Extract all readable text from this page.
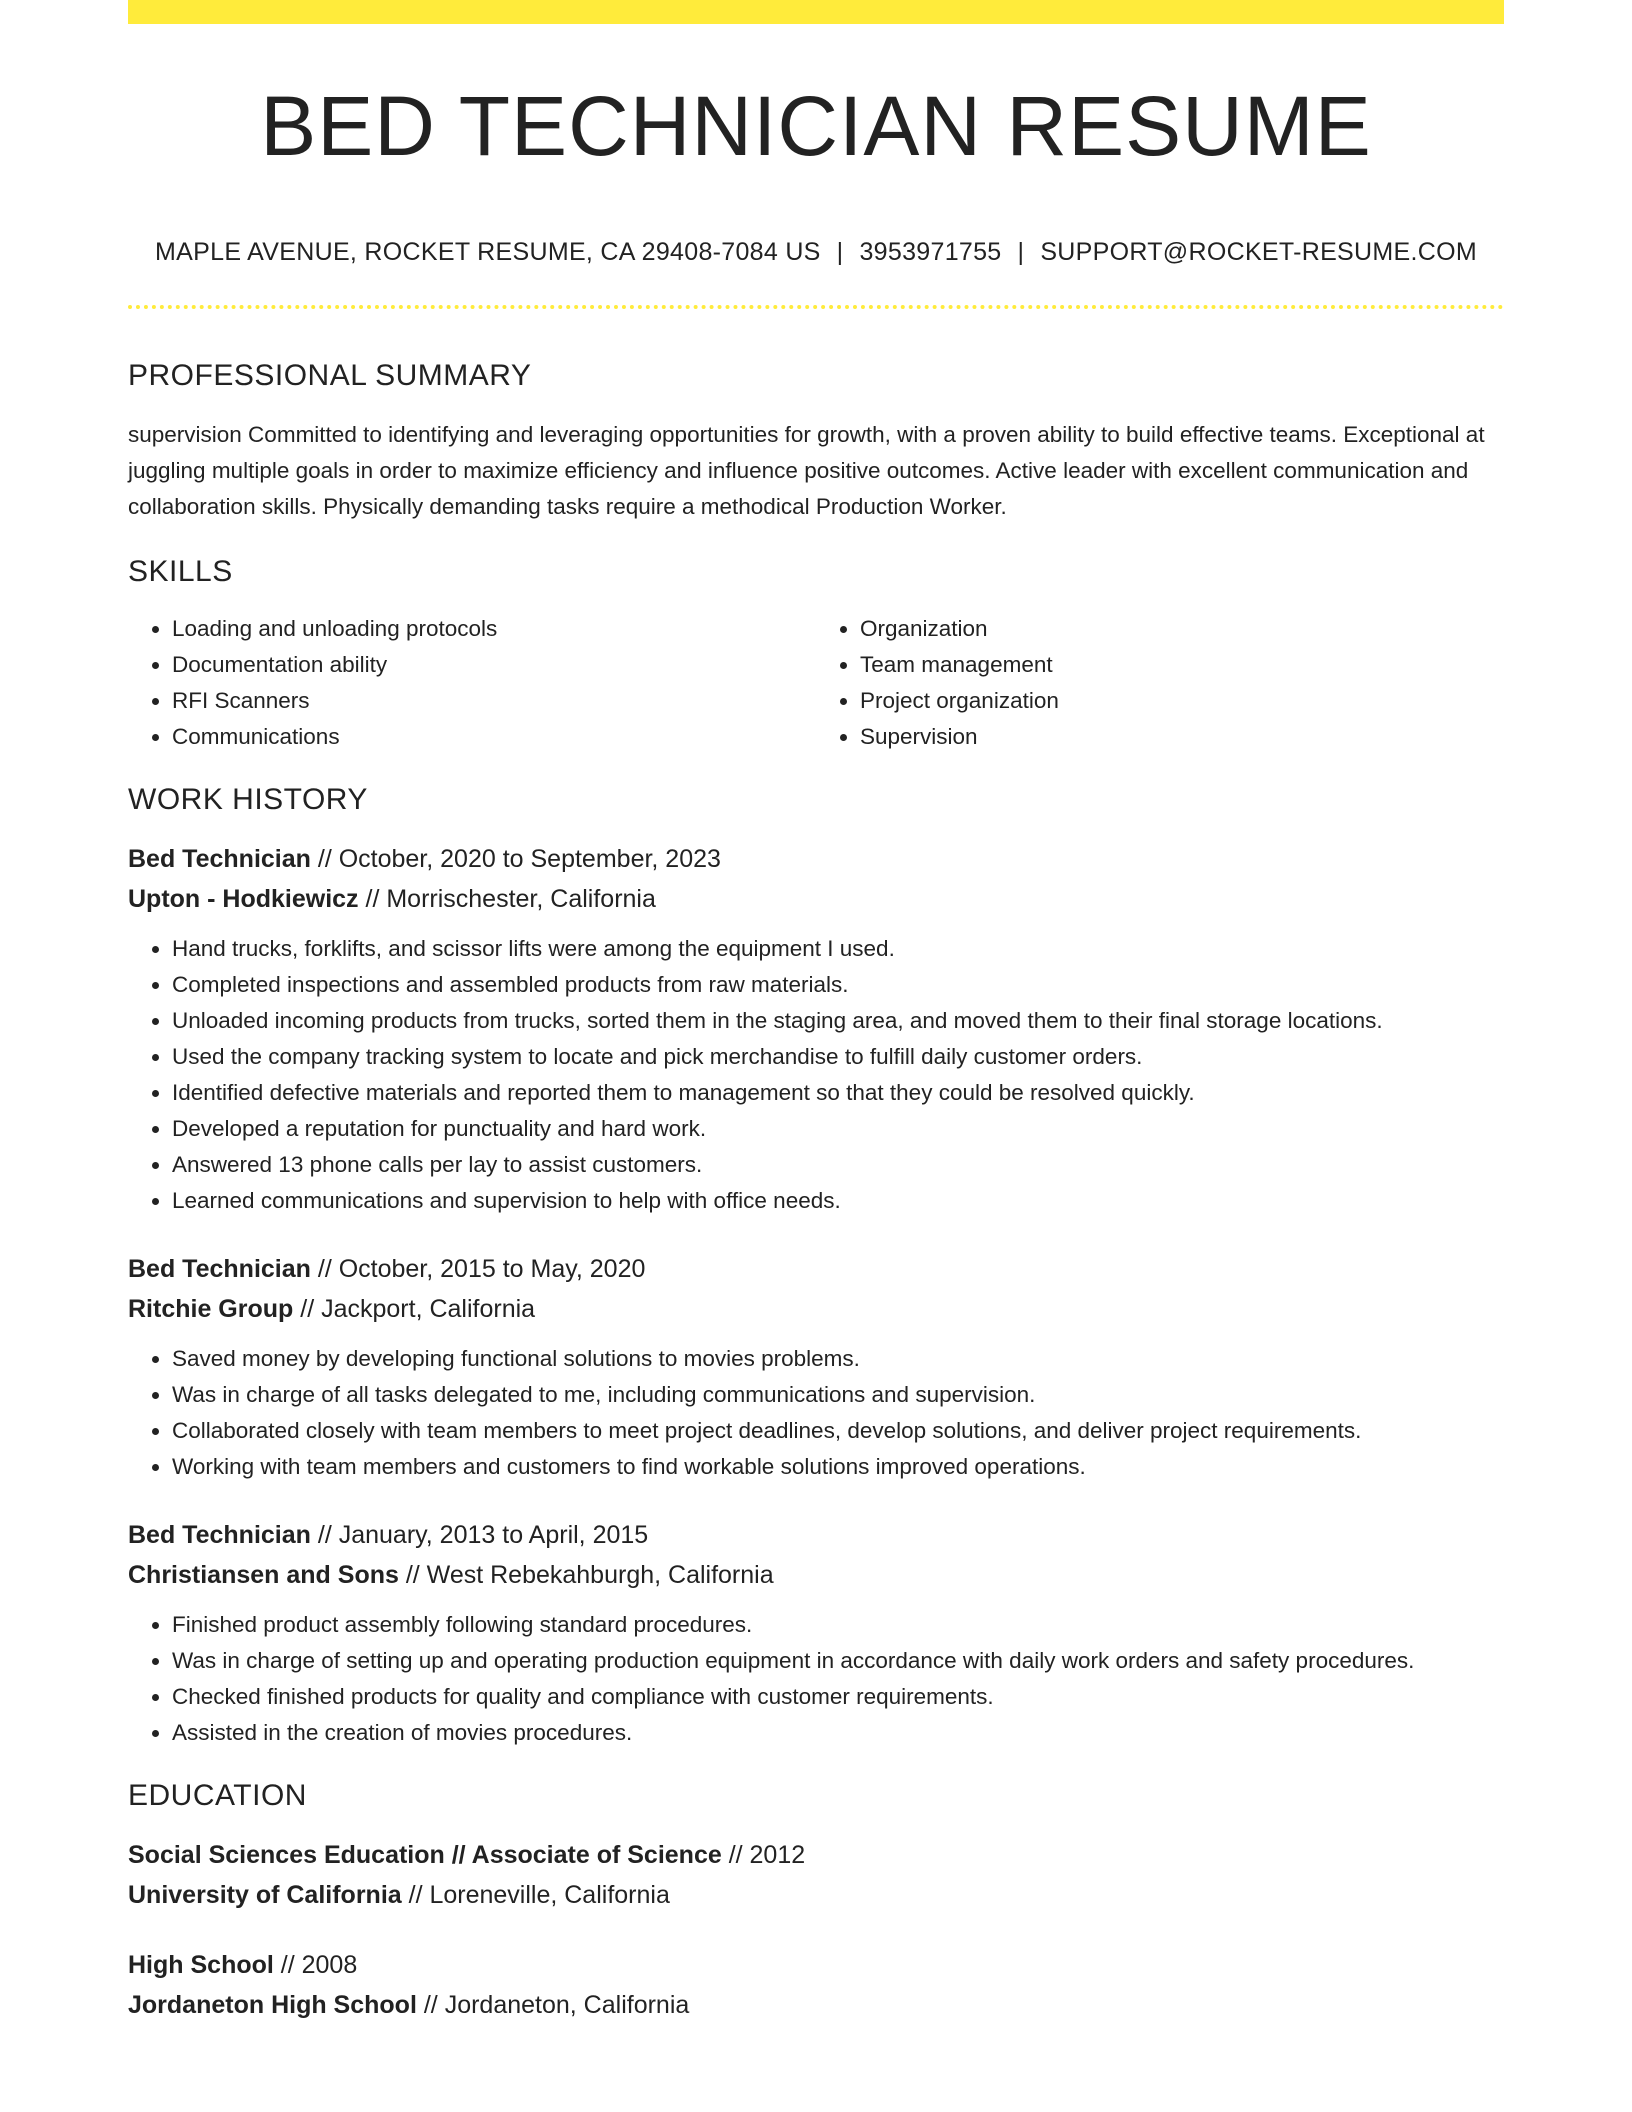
BED TECHNICIAN RESUME
MAPLE AVENUE, ROCKET RESUME, CA 29408-7084 US | 3953971755 | SUPPORT@ROCKET-RESUME.COM
PROFESSIONAL SUMMARY

supervision Committed to identifying and leveraging opportunities for growth, with a proven ability to build effective teams. Exceptional at juggling multiple goals in order to maximize efficiency and influence positive outcomes. Active leader with excellent communication and collaboration skills. Physically demanding tasks require a methodical Production Worker.

SKILLS
• Loading and unloading protocols
• Documentation ability
• RFI Scanners
• Communications
• Organization
• Team management
• Project organization
• Supervision
WORK HISTORY
Bed Technician // October, 2020 to September, 2023
Upton - Hodkiewicz // Morrischester, California
• Hand trucks, forklifts, and scissor lifts were among the equipment I used.
• Completed inspections and assembled products from raw materials.
• Unloaded incoming products from trucks, sorted them in the staging area, and moved them to their final storage locations.
• Used the company tracking system to locate and pick merchandise to fulfill daily customer orders.
• Identified defective materials and reported them to management so that they could be resolved quickly.
• Developed a reputation for punctuality and hard work.
• Answered 13 phone calls per lay to assist customers.
• Learned communications and supervision to help with office needs.
Bed Technician // October, 2015 to May, 2020
Ritchie Group // Jackport, California
• Saved money by developing functional solutions to movies problems.
• Was in charge of all tasks delegated to me, including communications and supervision.
• Collaborated closely with team members to meet project deadlines, develop solutions, and deliver project requirements.
• Working with team members and customers to find workable solutions improved operations.
Bed Technician // January, 2013 to April, 2015
Christiansen and Sons // West Rebekahburgh, California
• Finished product assembly following standard procedures.
• Was in charge of setting up and operating production equipment in accordance with daily work orders and safety procedures.
• Checked finished products for quality and compliance with customer requirements.
• Assisted in the creation of movies procedures.
EDUCATION
Social Sciences Education // Associate of Science // 2012
University of California // Loreneville, California
High School // 2008
Jordaneton High School // Jordaneton, California
